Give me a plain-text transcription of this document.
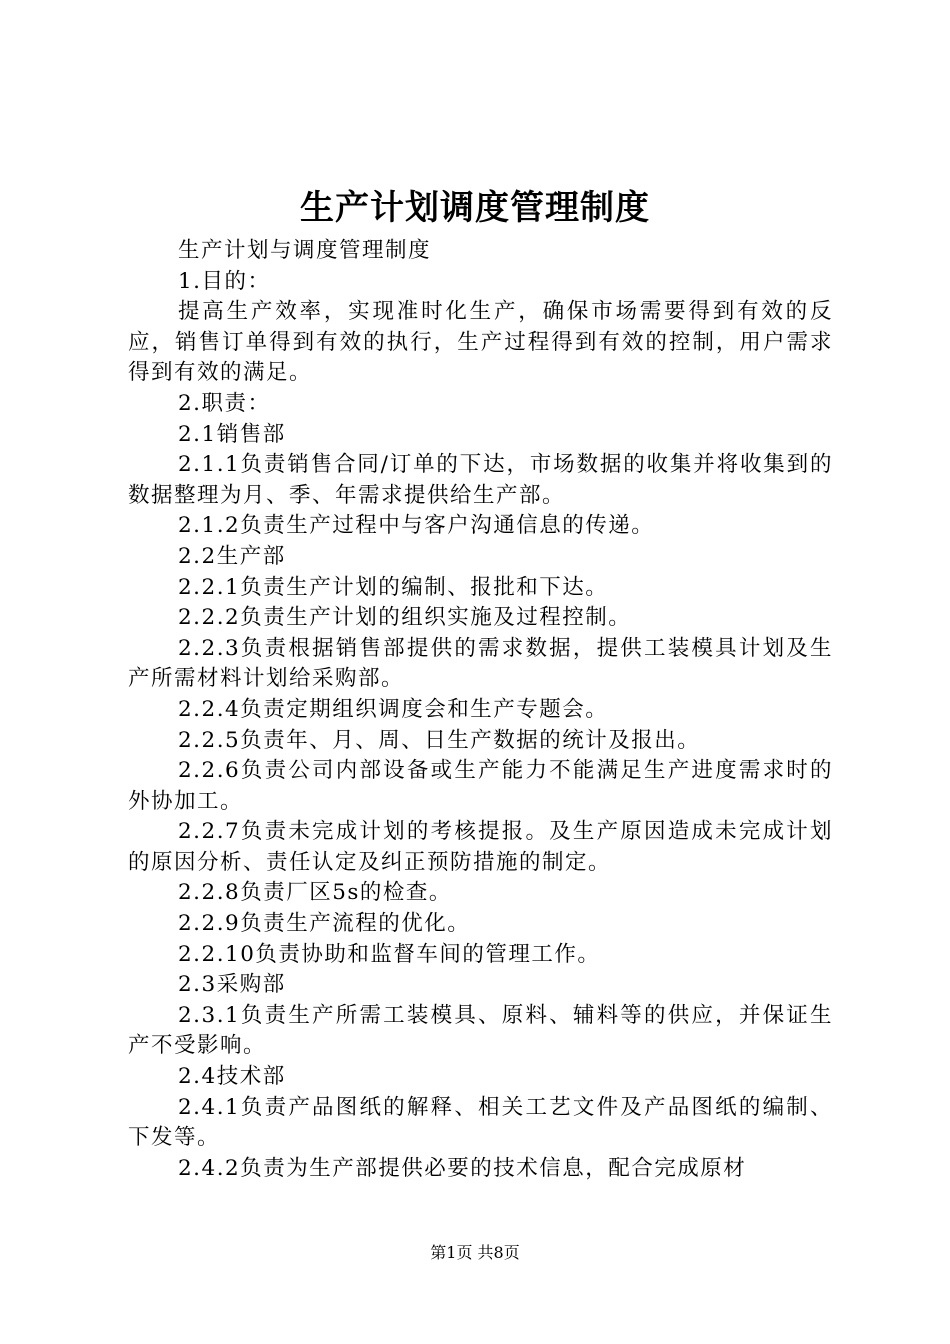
生产计划调度管理制度

生产计划与调度管理制度

1.目的：

提高生产效率，实现准时化生产，确保市场需要得到有效的反应，销售订单得到有效的执行，生产过程得到有效的控制，用户需求得到有效的满足。

2.职责：

2.1销售部

2.1.1负责销售合同/订单的下达，市场数据的收集并将收集到的数据整理为月、季、年需求提供给生产部。

2.1.2负责生产过程中与客户沟通信息的传递。

2.2生产部

2.2.1负责生产计划的编制、报批和下达。

2.2.2负责生产计划的组织实施及过程控制。

2.2.3负责根据销售部提供的需求数据，提供工装模具计划及生产所需材料计划给采购部。

2.2.4负责定期组织调度会和生产专题会。

2.2.5负责年、月、周、日生产数据的统计及报出。

2.2.6负责公司内部设备或生产能力不能满足生产进度需求时的外协加工。

2.2.7负责未完成计划的考核提报。及生产原因造成未完成计划的原因分析、责任认定及纠正预防措施的制定。

2.2.8负责厂区5s的检查。

2.2.9负责生产流程的优化。

2.2.10负责协助和监督车间的管理工作。

2.3采购部

2.3.1负责生产所需工装模具、原料、辅料等的供应，并保证生产不受影响。

2.4技术部

2.4.1负责产品图纸的解释、相关工艺文件及产品图纸的编制、下发等。

2.4.2负责为生产部提供必要的技术信息，配合完成原材

第1页 共8页
